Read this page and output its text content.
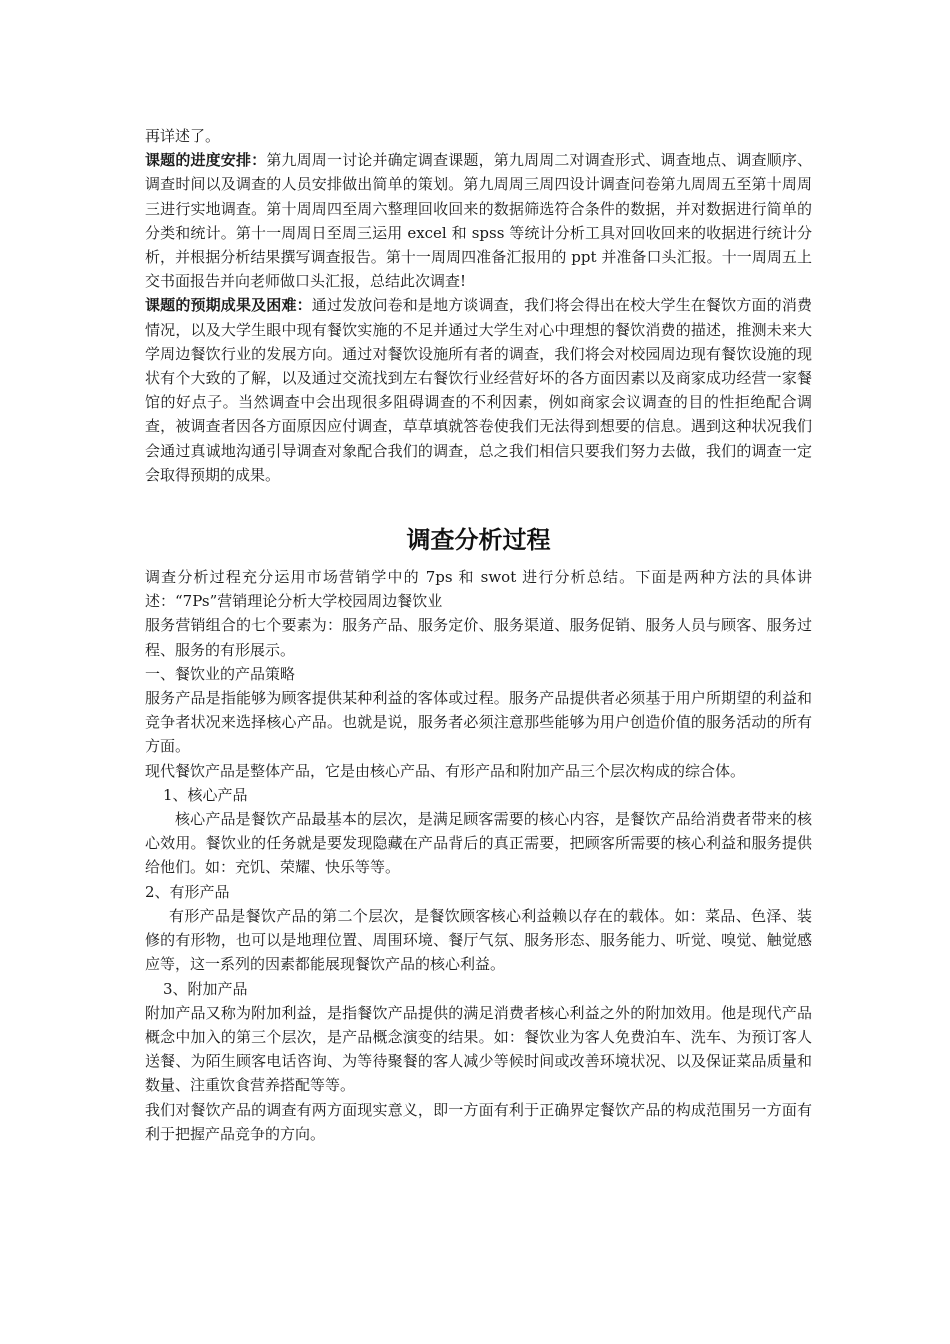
再详述了。

课题的进度安排：第九周周一讨论并确定调查课题，第九周周二对调查形式、调查地点、调查顺序、调查时间以及调查的人员安排做出简单的策划。第九周周三周四设计调查问卷第九周周五至第十周周三进行实地调查。第十周周四至周六整理回收回来的数据筛选符合条件的数据，并对数据进行简单的分类和统计。第十一周周日至周三运用 excel 和 spss 等统计分析工具对回收回来的收据进行统计分析，并根据分析结果撰写调查报告。第十一周周四准备汇报用的 ppt 并准备口头汇报。十一周周五上交书面报告并向老师做口头汇报，总结此次调查!

课题的预期成果及困难：通过发放问卷和是地方谈调查，我们将会得出在校大学生在餐饮方面的消费情况，以及大学生眼中现有餐饮实施的不足并通过大学生对心中理想的餐饮消费的描述，推测未来大学周边餐饮行业的发展方向。通过对餐饮设施所有者的调查，我们将会对校园周边现有餐饮设施的现状有个大致的了解，以及通过交流找到左右餐饮行业经营好坏的各方面因素以及商家成功经营一家餐馆的好点子。当然调查中会出现很多阻碍调查的不利因素，例如商家会议调查的目的性拒绝配合调查，被调查者因各方面原因应付调查，草草填就答卷使我们无法得到想要的信息。遇到这种状况我们会通过真诚地沟通引导调查对象配合我们的调查，总之我们相信只要我们努力去做，我们的调查一定会取得预期的成果。

调查分析过程

调查分析过程充分运用市场营销学中的 7ps 和 swot 进行分析总结。下面是两种方法的具体讲述：“7Ps”营销理论分析大学校园周边餐饮业

服务营销组合的七个要素为：服务产品、服务定价、服务渠道、服务促销、服务人员与顾客、服务过程、服务的有形展示。

一、餐饮业的产品策略

服务产品是指能够为顾客提供某种利益的客体或过程。服务产品提供者必须基于用户所期望的利益和竞争者状况来选择核心产品。也就是说，服务者必须注意那些能够为用户创造价值的服务活动的所有方面。

现代餐饮产品是整体产品，它是由核心产品、有形产品和附加产品三个层次构成的综合体。

1、核心产品

核心产品是餐饮产品最基本的层次，是满足顾客需要的核心内容，是餐饮产品给消费者带来的核心效用。餐饮业的任务就是要发现隐藏在产品背后的真正需要，把顾客所需要的核心利益和服务提供给他们。如：充饥、荣耀、快乐等等。

2、有形产品

有形产品是餐饮产品的第二个层次，是餐饮顾客核心利益赖以存在的载体。如：菜品、色泽、装修的有形物，也可以是地理位置、周围环境、餐厅气氛、服务形态、服务能力、听觉、嗅觉、触觉感应等，这一系列的因素都能展现餐饮产品的核心利益。

3、附加产品

附加产品又称为附加利益，是指餐饮产品提供的满足消费者核心利益之外的附加效用。他是现代产品概念中加入的第三个层次，是产品概念演变的结果。如：餐饮业为客人免费泊车、洗车、为预订客人送餐、为陌生顾客电话咨询、为等待聚餐的客人减少等候时间或改善环境状况、以及保证菜品质量和数量、注重饮食营养搭配等等。

我们对餐饮产品的调查有两方面现实意义，即一方面有利于正确界定餐饮产品的构成范围另一方面有利于把握产品竞争的方向。
